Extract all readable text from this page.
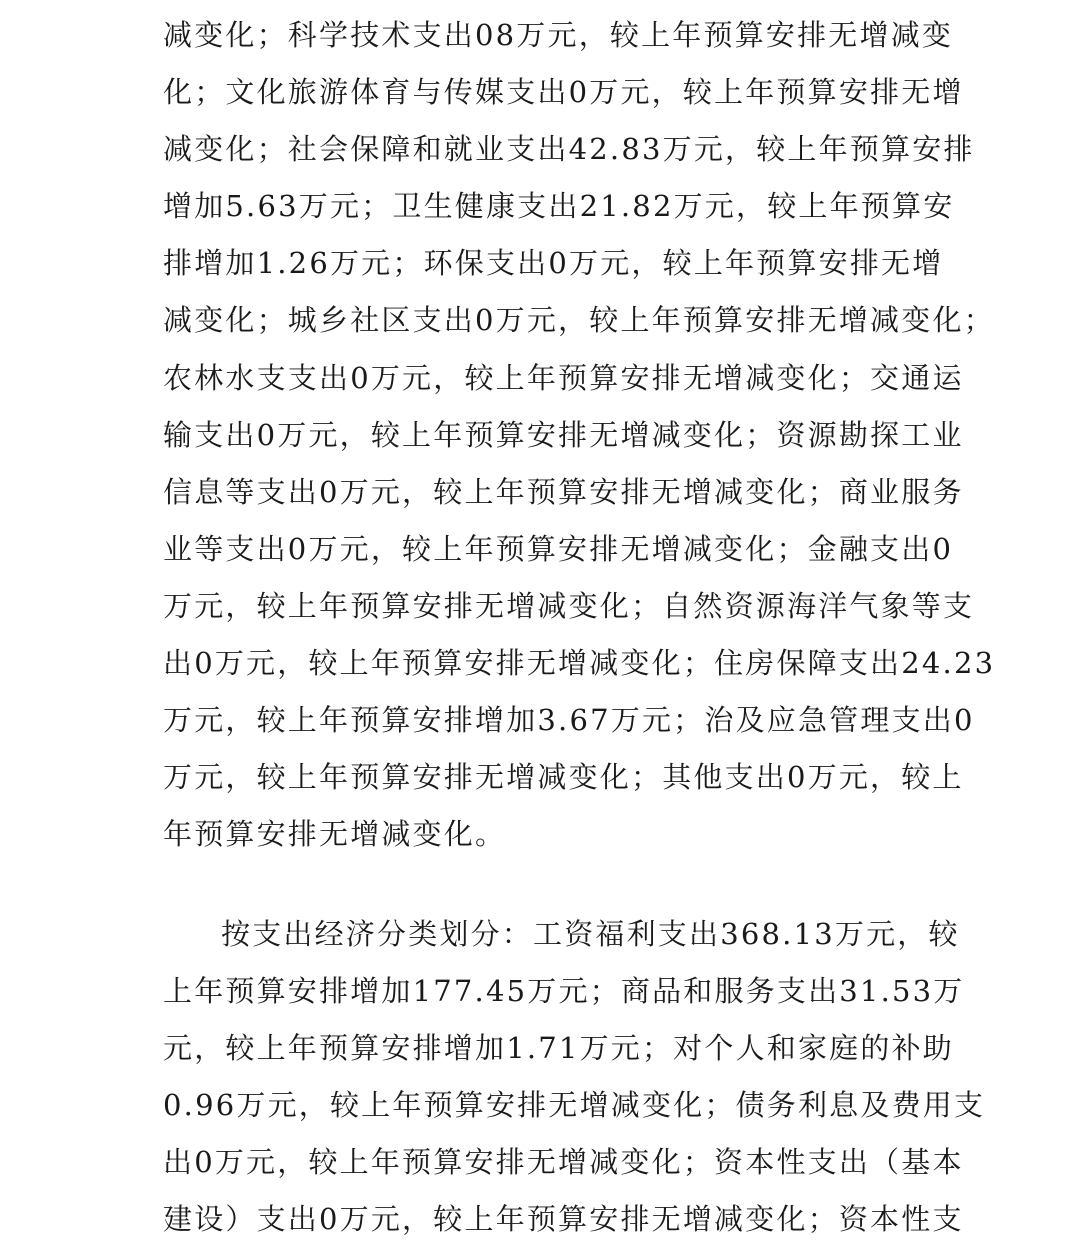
减变化；科学技术支出08万元，较上年预算安排无增减变
化；文化旅游体育与传媒支出0万元，较上年预算安排无增
减变化；社会保障和就业支出42.83万元，较上年预算安排
增加5.63万元；卫生健康支出21.82万元，较上年预算安
排增加1.26万元；环保支出0万元，较上年预算安排无增
减变化；城乡社区支出0万元，较上年预算安排无增减变化；
农林水支支出0万元，较上年预算安排无增减变化；交通运
输支出0万元，较上年预算安排无增减变化；资源勘探工业
信息等支出0万元，较上年预算安排无增减变化；商业服务
业等支出0万元，较上年预算安排无增减变化；金融支出0
万元，较上年预算安排无增减变化；自然资源海洋气象等支
出0万元，较上年预算安排无增减变化；住房保障支出24.23
万元，较上年预算安排增加3.67万元；治及应急管理支出0
万元，较上年预算安排无增减变化；其他支出0万元，较上
年预算安排无增减变化。
按支出经济分类划分：工资福利支出368.13万元，较
上年预算安排增加177.45万元；商品和服务支出31.53万
元，较上年预算安排增加1.71万元；对个人和家庭的补助
0.96万元，较上年预算安排无增减变化；债务利息及费用支
出0万元，较上年预算安排无增减变化；资本性支出（基本
建设）支出0万元，较上年预算安排无增减变化；资本性支
